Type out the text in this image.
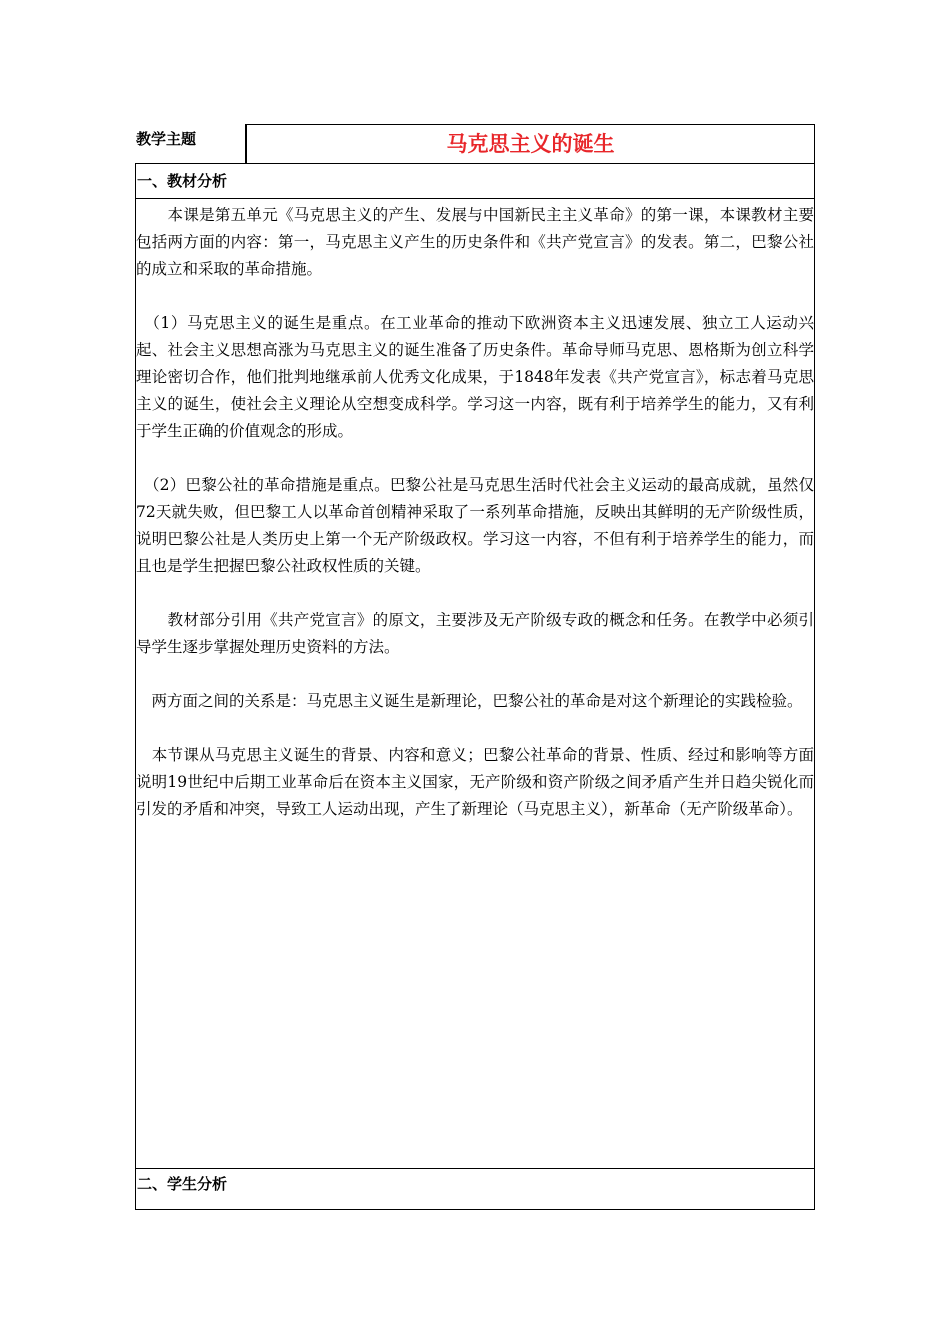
教学主题	马克思主义的诞生
一、教材分析

　　本课是第五单元《马克思主义的产生、发展与中国新民主主义革命》的第一课，本课教材主要包括两方面的内容：第一，马克思主义产生的历史条件和《共产党宣言》的发表。第二，巴黎公社的成立和采取的革命措施。

　（1）马克思主义的诞生是重点。在工业革命的推动下欧洲资本主义迅速发展、独立工人运动兴起、社会主义思想高涨为马克思主义的诞生准备了历史条件。革命导师马克思、恩格斯为创立科学理论密切合作，他们批判地继承前人优秀文化成果，于1848年发表《共产党宣言》，标志着马克思主义的诞生，使社会主义理论从空想变成科学。学习这一内容，既有利于培养学生的能力，又有利于学生正确的价值观念的形成。

　（2）巴黎公社的革命措施是重点。巴黎公社是马克思生活时代社会主义运动的最高成就，虽然仅72天就失败，但巴黎工人以革命首创精神采取了一系列革命措施，反映出其鲜明的无产阶级性质，说明巴黎公社是人类历史上第一个无产阶级政权。学习这一内容，不但有利于培养学生的能力，而且也是学生把握巴黎公社政权性质的关键。

　　教材部分引用《共产党宣言》的原文，主要涉及无产阶级专政的概念和任务。在教学中必须引导学生逐步掌握处理历史资料的方法。

　两方面之间的关系是：马克思主义诞生是新理论，巴黎公社的革命是对这个新理论的实践检验。

　本节课从马克思主义诞生的背景、内容和意义；巴黎公社革命的背景、性质、经过和影响等方面说明19世纪中后期工业革命后在资本主义国家，无产阶级和资产阶级之间矛盾产生并日趋尖锐化而引发的矛盾和冲突，导致工人运动出现，产生了新理论（马克思主义），新革命（无产阶级革命）。

二、学生分析
